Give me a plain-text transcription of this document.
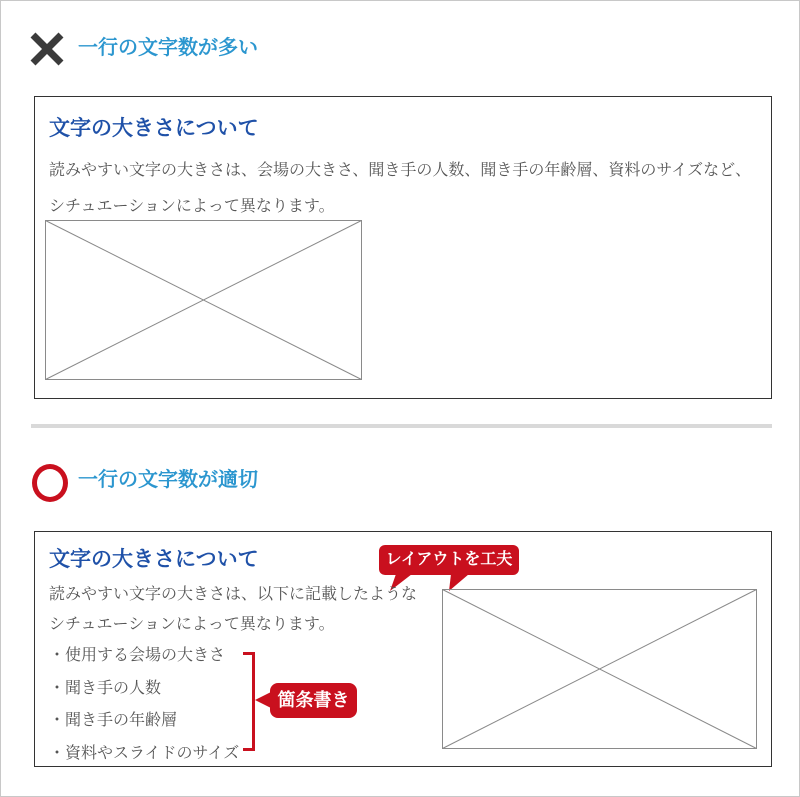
一行の文字数が多い
文字の大きさについて
読みやすい文字の大きさは、会場の大きさ、聞き手の人数、聞き手の年齢層、資料のサイズなど、
シチュエーションによって異なります。
一行の文字数が適切
文字の大きさについて	レイアウトを工夫
読みやすい文字の大きさは、以下に記載したような
シチュエーションによって異なります。
・使用する会場の大きさ
・聞き手の人数
・聞き手の年齢層
・資料やスライドのサイズ
箇条書き
